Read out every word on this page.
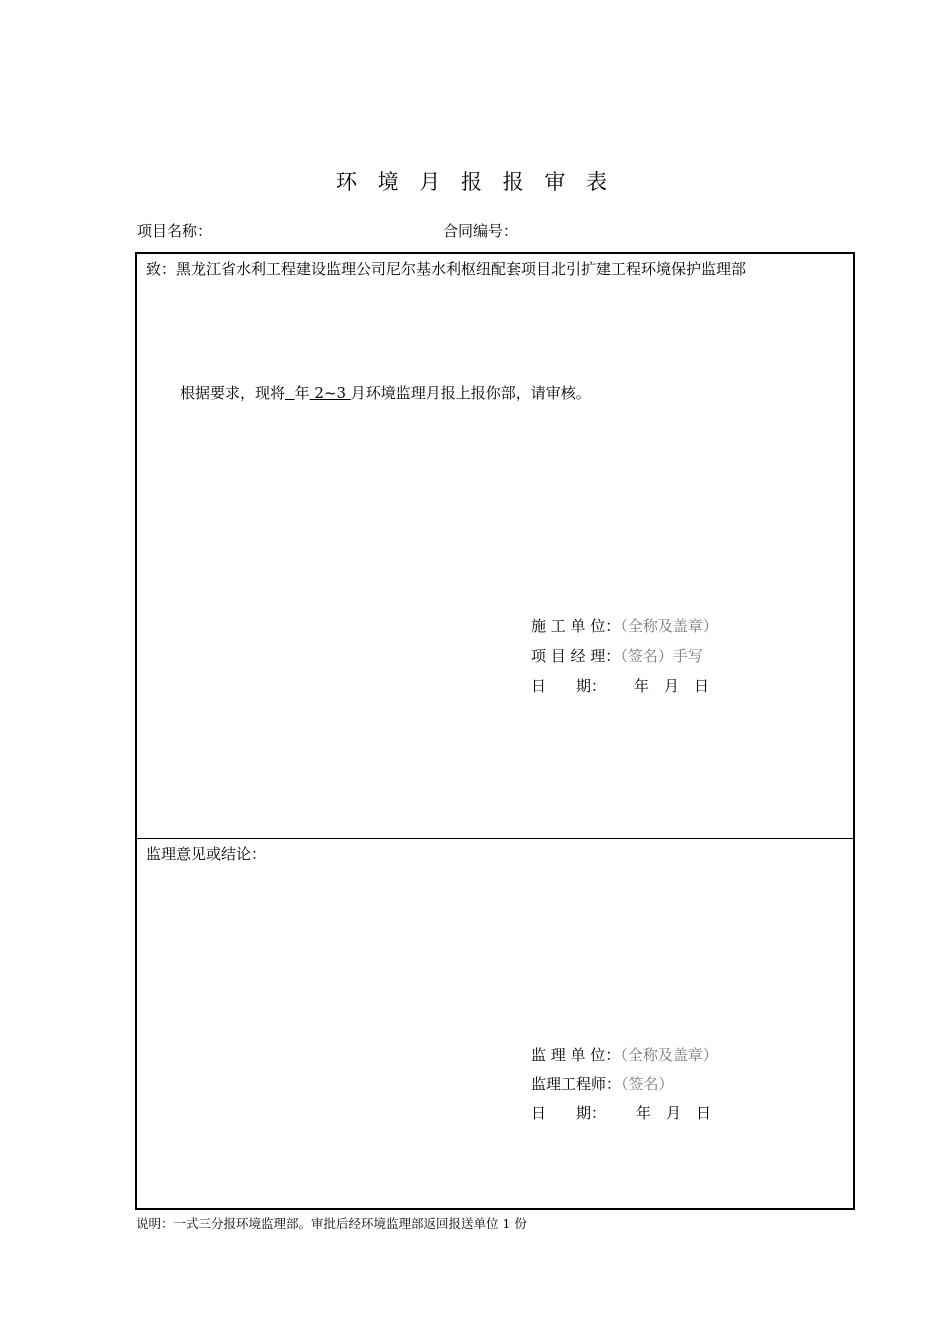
环 境 月 报 报 审 表
项目名称：	合同编号：
致：黑龙江省水利工程建设监理公司尼尔基水利枢纽配套项目北引扩建工程环境保护监理部
根据要求，现将 年 2~3 月环境监理月报上报你部，请审核。
施 工 单 位：（全称及盖章）
项 目 经 理：（签名）手写
日　　期： 年　月　日
监理意见或结论：
监 理 单 位：（全称及盖章）
监理工程师：（签名）
日　　期： 年　月　日
说明：一式三分报环境监理部。审批后经环境监理部返回报送单位 1 份
